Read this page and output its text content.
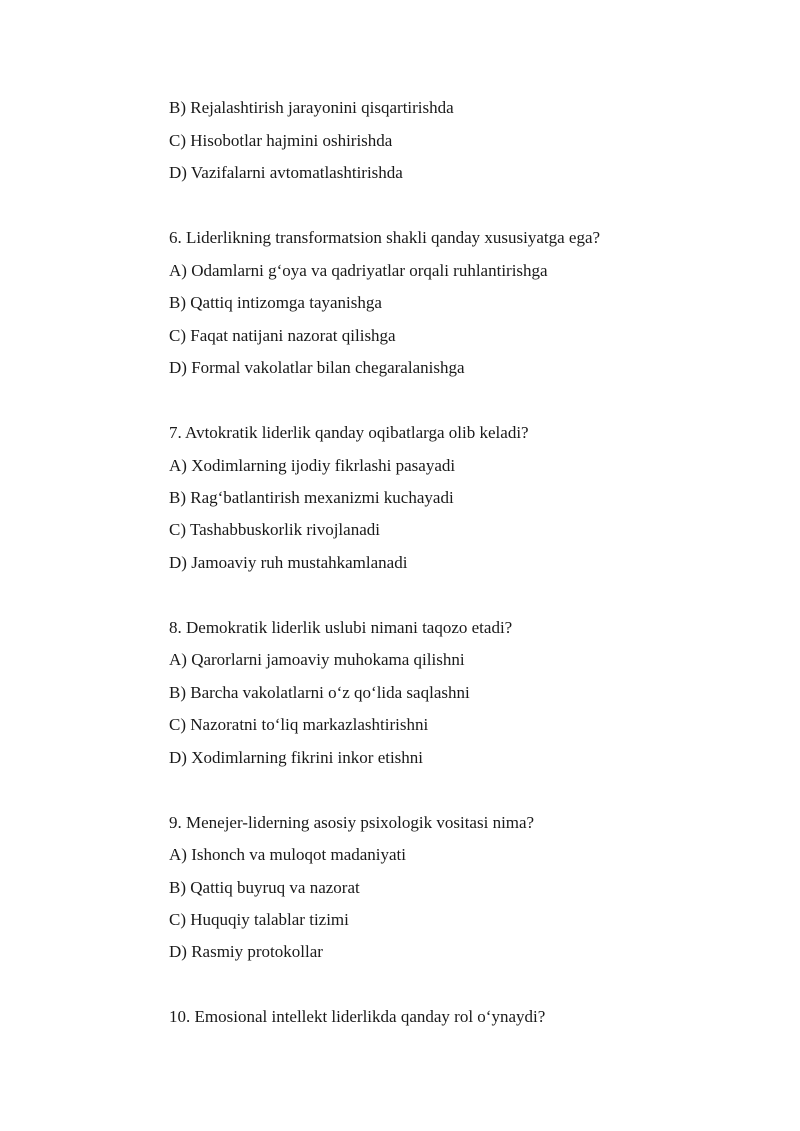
B) Rejalashtirish jarayonini qisqartirishda
C) Hisobotlar hajmini oshirishda
D) Vazifalarni avtomatlashtirishda
6. Liderlikning transformatsion shakli qanday xususiyatga ega?
A) Odamlarni g‘oya va qadriyatlar orqali ruhlantirishga
B) Qattiq intizomga tayanishga
C) Faqat natijani nazorat qilishga
D) Formal vakolatlar bilan chegaralanishga
7. Avtokratik liderlik qanday oqibatlarga olib keladi?
A) Xodimlarning ijodiy fikrlashi pasayadi
B) Rag‘batlantirish mexanizmi kuchayadi
C) Tashabbuskorlik rivojlanadi
D) Jamoaviy ruh mustahkamlanadi
8. Demokratik liderlik uslubi nimani taqozo etadi?
A) Qarorlarni jamoaviy muhokama qilishni
B) Barcha vakolatlarni o‘z qo‘lida saqlashni
C) Nazoratni to‘liq markazlashtirishni
D) Xodimlarning fikrini inkor etishni
9. Menejer-liderning asosiy psixologik vositasi nima?
A) Ishonch va muloqot madaniyati
B) Qattiq buyruq va nazorat
C) Huquqiy talablar tizimi
D) Rasmiy protokollar
10. Emosional intellekt liderlikda qanday rol o‘ynaydi?
